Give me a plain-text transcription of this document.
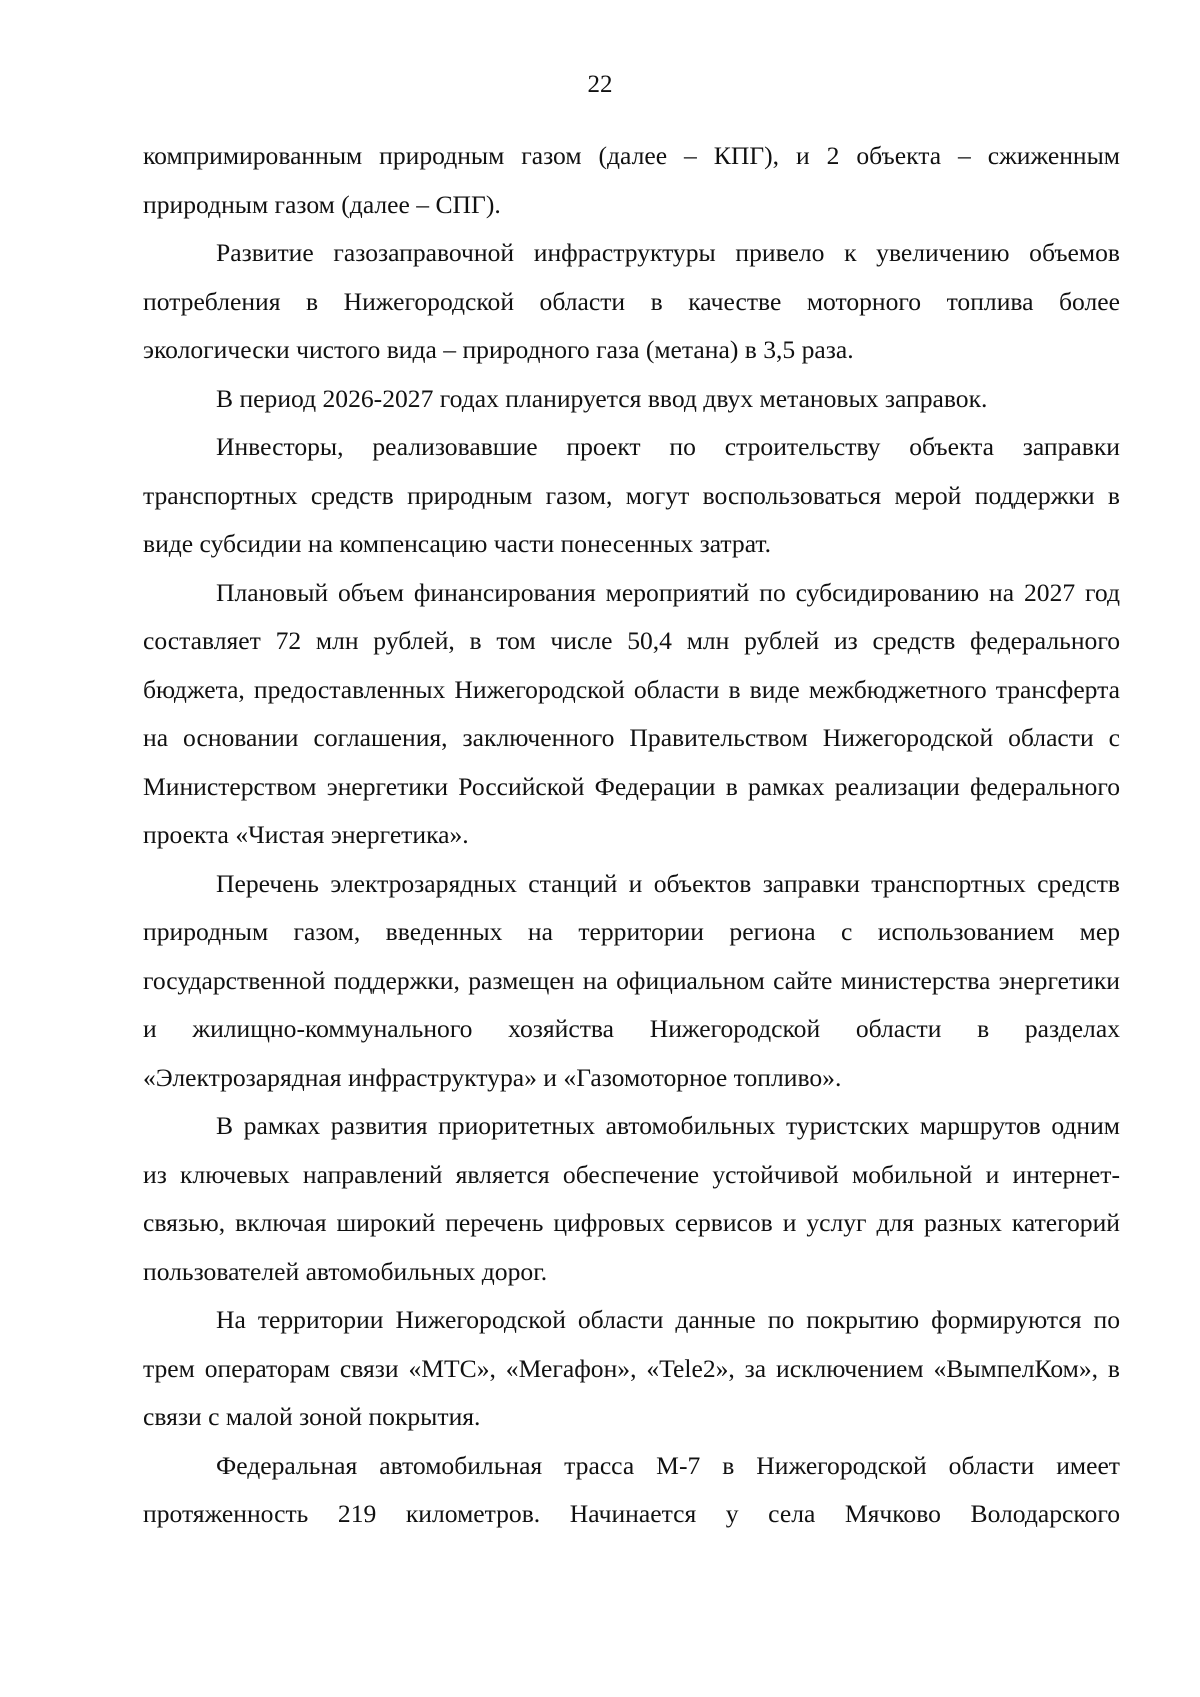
22

компримированным природным газом (далее – КПГ), и 2 объекта – сжиженным природным газом (далее – СПГ).

Развитие газозаправочной инфраструктуры привело к увеличению объемов потребления в Нижегородской области в качестве моторного топлива более экологически чистого вида – природного газа (метана) в 3,5 раза.

В период 2026-2027 годах планируется ввод двух метановых заправок.

Инвесторы, реализовавшие проект по строительству объекта заправки транспортных средств природным газом, могут воспользоваться мерой поддержки в виде субсидии на компенсацию части понесенных затрат.

Плановый объем финансирования мероприятий по субсидированию на 2027 год составляет 72 млн рублей, в том числе 50,4 млн рублей из средств федерального бюджета, предоставленных Нижегородской области в виде межбюджетного трансферта на основании соглашения, заключенного Правительством Нижегородской области с Министерством энергетики Российской Федерации в рамках реализации федерального проекта «Чистая энергетика».

Перечень электрозарядных станций и объектов заправки транспортных средств природным газом, введенных на территории региона с использованием мер государственной поддержки, размещен на официальном сайте министерства энергетики и жилищно-коммунального хозяйства Нижегородской области в разделах «Электрозарядная инфраструктура» и «Газомоторное топливо».

В рамках развития приоритетных автомобильных туристских маршрутов одним из ключевых направлений является обеспечение устойчивой мобильной и интернет-связью, включая широкий перечень цифровых сервисов и услуг для разных категорий пользователей автомобильных дорог.

На территории Нижегородской области данные по покрытию формируются по трем операторам связи «МТС», «Мегафон», «Tele2», за исключением «ВымпелКом», в связи с малой зоной покрытия.

Федеральная автомобильная трасса М-7 в Нижегородской области имеет протяженность 219 километров. Начинается у села Мячково Володарского
